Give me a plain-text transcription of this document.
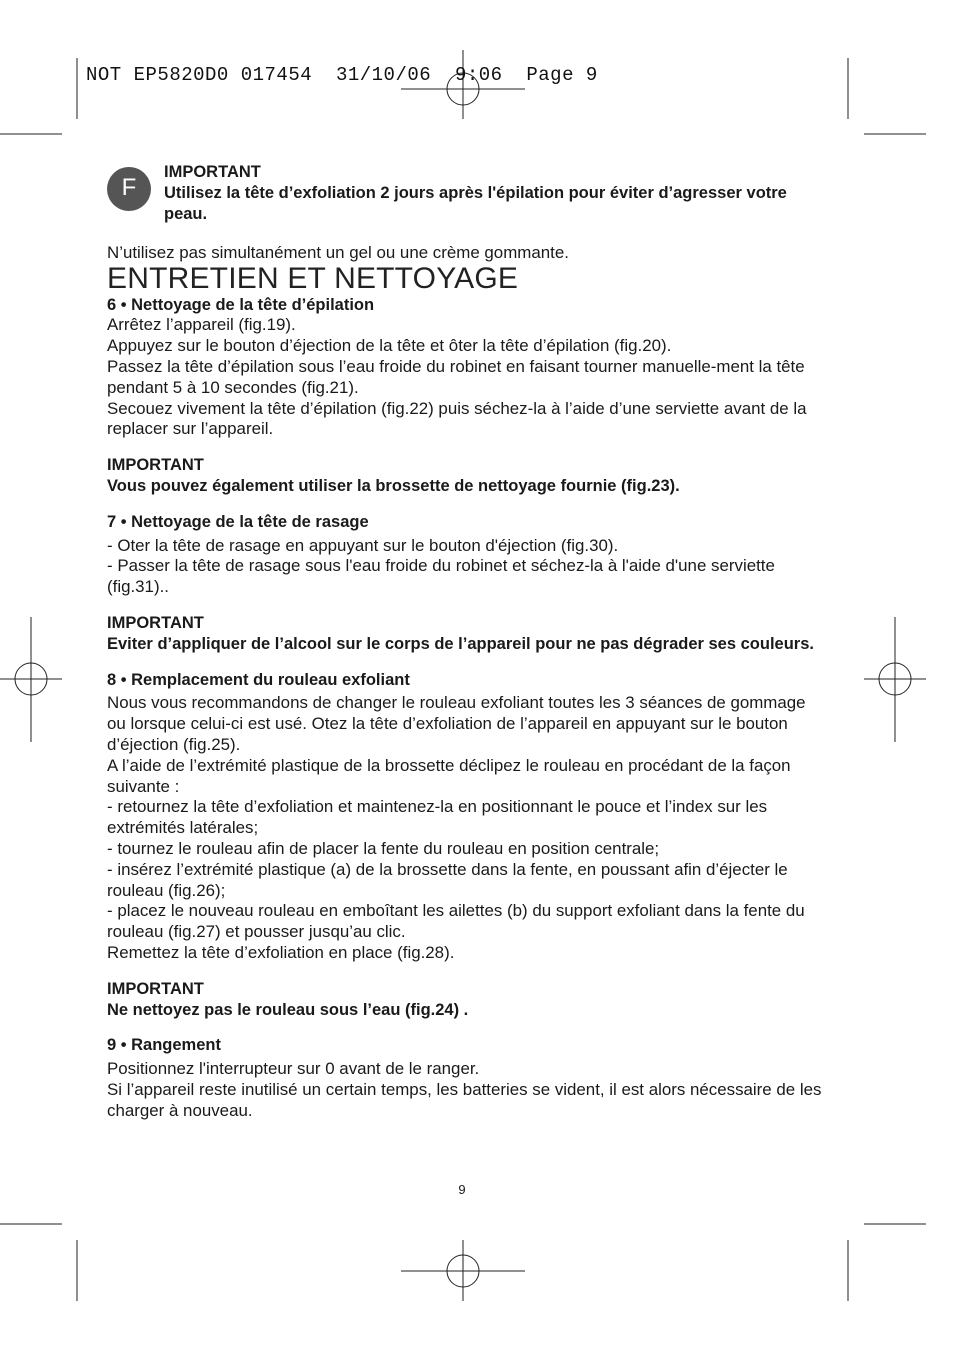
NOT EP5820D0 017454  31/10/06  9:06  Page 9
F
IMPORTANT
Utilisez la tête d’exfoliation 2 jours après l'épilation pour éviter d’agresser votre peau.

N’utilisez pas simultanément un gel ou une crème gommante.

ENTRETIEN ET NETTOYAGE

6 • Nettoyage de la tête d’épilation

Arrêtez l’appareil (fig.19).

Appuyez sur le bouton d’éjection de la tête et ôter la tête d’épilation (fig.20).

Passez la tête d’épilation sous l’eau froide du robinet en faisant tourner manuelle-ment la tête pendant 5 à 10 secondes (fig.21).

Secouez vivement la tête d’épilation (fig.22) puis séchez-la à l’aide d’une serviette avant de la replacer sur l’appareil.

IMPORTANT

Vous pouvez également utiliser la brossette de nettoyage fournie (fig.23).

7 • Nettoyage de la tête de rasage

- Oter la tête de rasage en appuyant sur le bouton d'éjection (fig.30).

- Passer la tête de rasage sous l'eau froide du robinet et séchez-la à l'aide d'une serviette (fig.31)..

IMPORTANT

Eviter d’appliquer de l’alcool sur le corps de l’appareil pour ne pas dégrader ses couleurs.

8 • Remplacement du rouleau exfoliant

Nous vous recommandons de changer le rouleau exfoliant toutes les 3 séances de gommage ou lorsque celui-ci est usé. Otez la tête d’exfoliation de l’appareil en appuyant sur le bouton d’éjection (fig.25).

A l’aide de l’extrémité plastique de la brossette déclipez le rouleau en procédant de la façon suivante :

- retournez la tête d’exfoliation et maintenez-la en positionnant le pouce et l’index sur les extrémités latérales;

- tournez le rouleau afin de placer la fente du rouleau en position centrale;

- insérez l’extrémité plastique (a) de la brossette dans la fente, en poussant afin d’éjecter le rouleau (fig.26);

- placez le nouveau rouleau en emboîtant les ailettes (b) du support exfoliant dans la fente du rouleau (fig.27) et pousser jusqu’au clic.

Remettez la tête d’exfoliation en place (fig.28).

IMPORTANT

Ne nettoyez pas le rouleau sous l’eau (fig.24) .

9 • Rangement

Positionnez l'interrupteur sur 0 avant de le ranger.

Si l’appareil reste inutilisé un certain temps, les batteries se vident, il est alors nécessaire de les charger à nouveau.

9
